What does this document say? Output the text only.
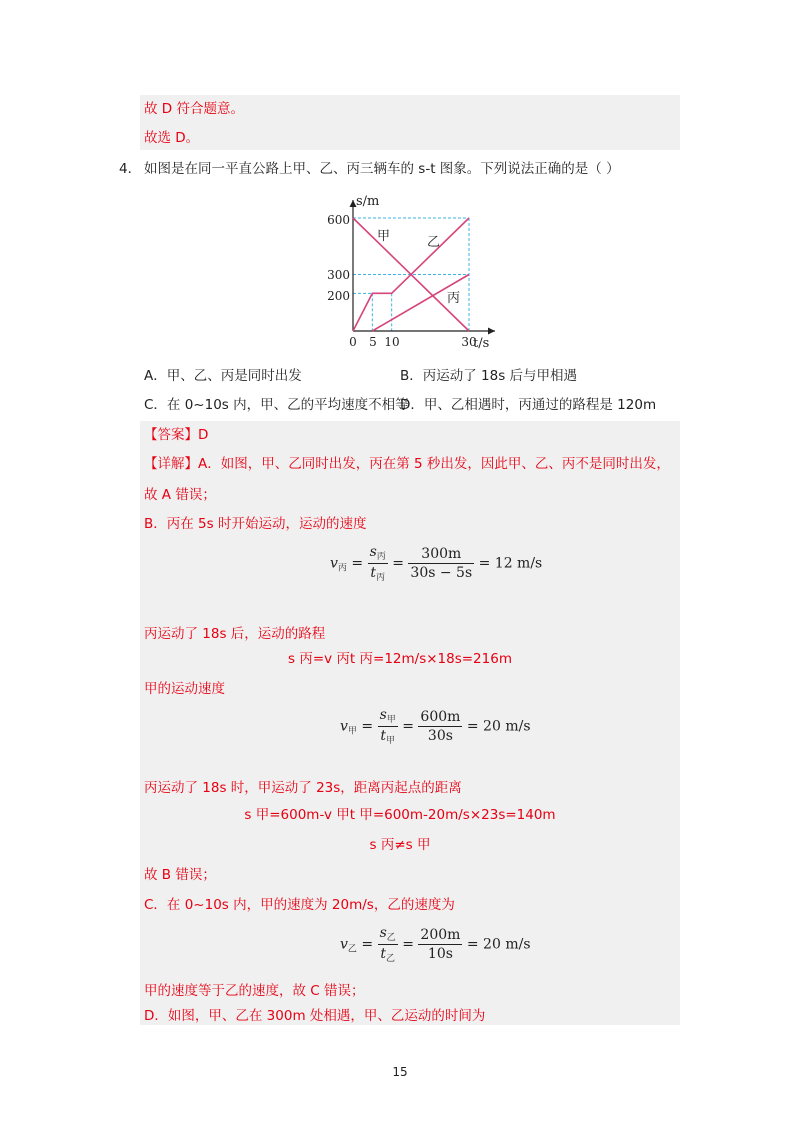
故 D 符合题意。
故选 D。
4． 如图是在同一平直公路上甲、乙、丙三辆车的 s-t 图象。下列说法正确的是（ ）
s/m
t/s
600
300
200
0 5 10	30
甲	乙
丙
A．甲、乙、丙是同时出发	B．丙运动了 18s 后与甲相遇
C．在 0~10s 内，甲、乙的平均速度不相等
D．甲、乙相遇时，丙通过的路程是 120m
【答案】D
【详解】A．如图，甲、乙同时出发，丙在第 5 秒出发，因此甲、乙、丙不是同时出发，
故 A 错误；
B．丙在 5s 时开始运动，运动的速度
$v_丙 = \frac{s_丙}{t_丙} = \frac{300m}{30s - 5s} = 12$ m/s
丙运动了 18s 后，运动的路程
s 丙=v 丙t 丙=12m/s×18s=216m
甲的运动速度
$v_甲 = \frac{s_甲}{t_甲} = \frac{600m}{30s} = 20$ m/s
丙运动了 18s 时，甲运动了 23s，距离丙起点的距离
s 甲=600m-v 甲t 甲=600m-20m/s×23s=140m
s 丙≠s 甲
故 B 错误；
C．在 0~10s 内，甲的速度为 20m/s，乙的速度为
$v_乙 = \frac{s_乙}{t_乙} = \frac{200m}{10s} = 20$ m/s
甲的速度等于乙的速度，故 C 错误；
D．如图，甲、乙在 300m 处相遇，甲、乙运动的时间为
15
